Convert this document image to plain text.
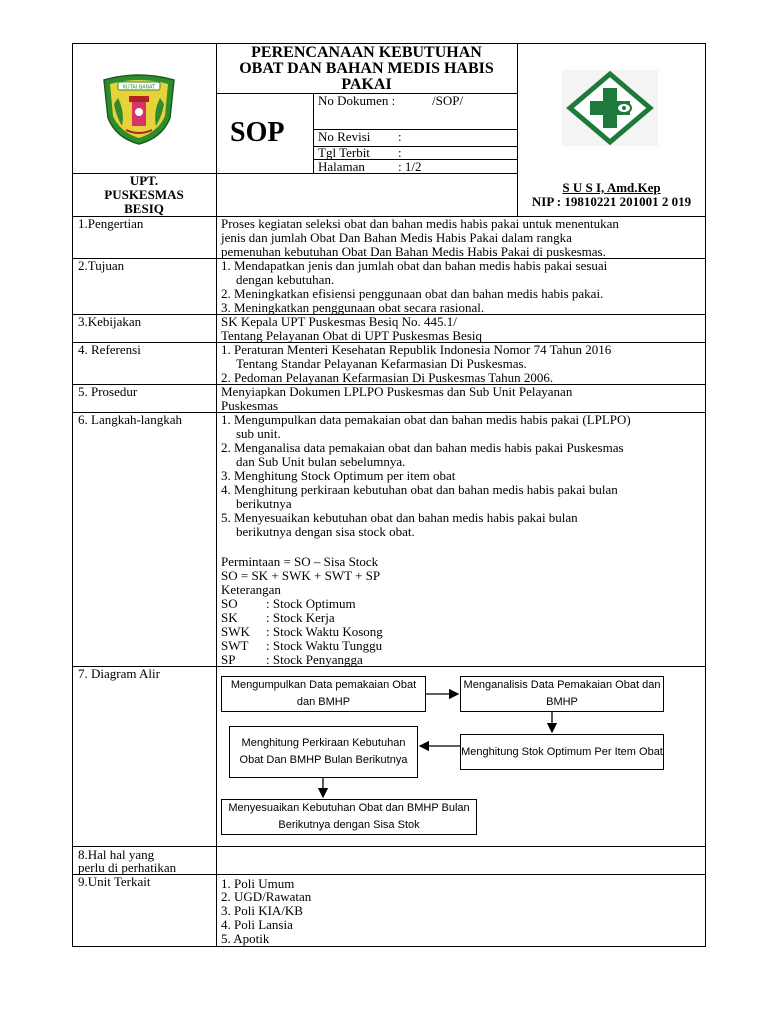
KUTAI BARAT
PERENCANAAN KEBUTUHAN
OBAT DAN BAHAN MEDIS HABIS
PAKAI
SOP
No Dokumen :	/SOP/
No Revisi :
Tgl Terbit :
Halaman	: 1/2
UPT.
PUSKESMAS
BESIQ
S U S I, Amd.Kep
NIP : 19810221 201001 2 019
1.Pengertian	Proses kegiatan seleksi obat dan bahan medis habis pakai untuk menentukan
jenis dan jumlah Obat Dan Bahan Medis Habis Pakai dalam rangka
pemenuhan kebutuhan Obat Dan Bahan Medis Habis Pakai di puskesmas.
2.Tujuan	1. Mendapatkan jenis dan jumlah obat dan bahan medis habis pakai sesuai
dengan kebutuhan.
2. Meningkatkan efisiensi penggunaan obat dan bahan medis habis pakai.
3. Meningkatkan penggunaan obat secara rasional.
3.Kebijakan	SK Kepala UPT Puskesmas Besiq No. 445.1/
Tentang Pelayanan Obat di UPT Puskesmas Besiq
4. Referensi	1. Peraturan Menteri Kesehatan Republik Indonesia Nomor 74 Tahun 2016
Tentang Standar Pelayanan Kefarmasian Di Puskesmas.
2. Pedoman Pelayanan Kefarmasian Di Puskesmas Tahun 2006.
5. Prosedur	Menyiapkan Dokumen LPLPO Puskesmas dan Sub Unit Pelayanan
Puskesmas
6. Langkah-langkah	1. Mengumpulkan data pemakaian obat dan bahan medis habis pakai (LPLPO)
sub unit.
2. Menganalisa data pemakaian obat dan bahan medis habis pakai Puskesmas
dan Sub Unit bulan sebelumnya.
3. Menghitung Stock Optimum per item obat
4. Menghitung perkiraan kebutuhan obat dan bahan medis habis pakai bulan
berikutnya
5. Menyesuaikan kebutuhan obat dan bahan medis habis pakai bulan
berikutnya dengan sisa stock obat.
Permintaan = SO – Sisa Stock
SO = SK + SWK + SWT + SP
Keterangan
SO : Stock Optimum
SK : Stock Kerja
SWK : Stock Waktu Kosong
SWT : Stock Waktu Tunggu
SP : Stock Penyangga
7. Diagram Alir
Mengumpulkan Data pemakaian Obat dan BMHP
Menganalisis Data Pemakaian Obat dan BMHP
Menghitung Stok Optimum Per Item Obat
Menghitung Perkiraan Kebutuhan Obat Dan BMHP Bulan Berikutnya
Menyesuaikan Kebutuhan Obat dan BMHP Bulan Berikutnya dengan Sisa Stok
8.Hal hal yang
perlu di perhatikan
9.Unit Terkait	1. Poli Umum
2. UGD/Rawatan
3. Poli KIA/KB
4. Poli Lansia
5. Apotik
